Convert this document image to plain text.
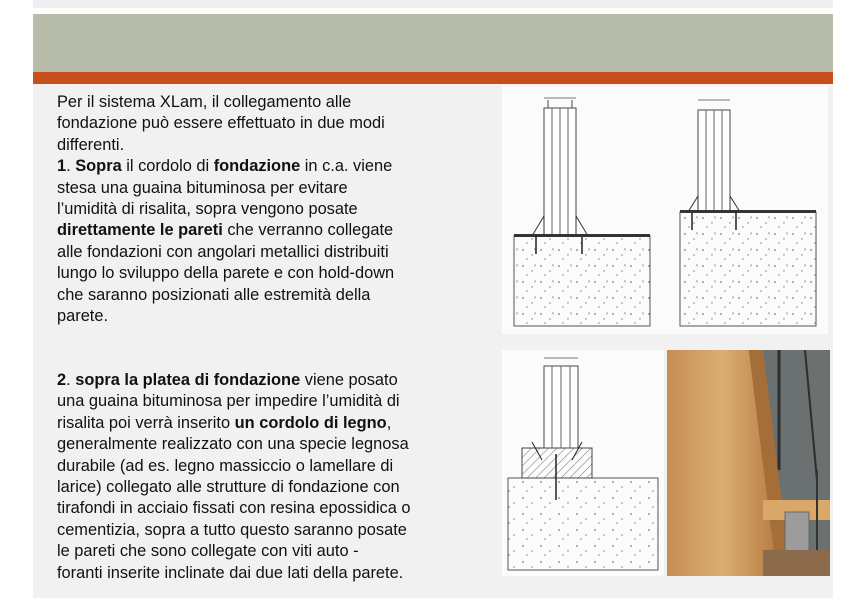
Per il sistema XLam, il collegamento alle

fondazione può essere effettuato in due modi

differenti.

1. Sopra il cordolo di fondazione in c.a. viene

stesa una guaina bituminosa per evitare

l’umidità di risalita, sopra vengono posate

direttamente le pareti che verranno collegate

alle fondazioni con angolari metallici distribuiti

lungo lo sviluppo della parete e con hold-down

che saranno posizionati alle estremità della

parete.

2. sopra la platea di fondazione viene posato

una guaina bituminosa per impedire l’umidità di

risalita poi verrà inserito un cordolo di legno,

generalmente realizzato con una specie legnosa

durabile (ad es. legno massiccio o lamellare di

larice) collegato alle strutture di fondazione con

tirafondi in acciaio fissati con resina epossidica o

cementizia, sopra a tutto questo saranno posate

le pareti che sono collegate con viti auto -

foranti inserite inclinate dai due lati della parete.
